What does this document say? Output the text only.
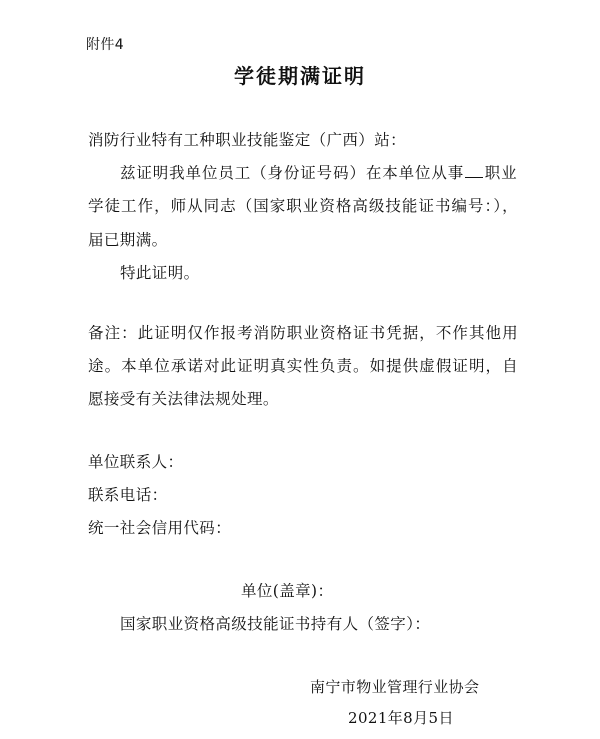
附件4
学徒期满证明
消防行业特有工种职业技能鉴定（广西）站：
兹证明我单位员工（身份证号码）在本单位从事 职业
学徒工作，师从同志（国家职业资格高级技能证书编号：），
届已期满。
特此证明。
备注：此证明仅作报考消防职业资格证书凭据，不作其他用
途。本单位承诺对此证明真实性负责。如提供虚假证明，自
愿接受有关法律法规处理。
单位联系人：
联系电话：
统一社会信用代码：
单位(盖章)：
国家职业资格高级技能证书持有人（签字）：
南宁市物业管理行业协会
2021年8月5日
